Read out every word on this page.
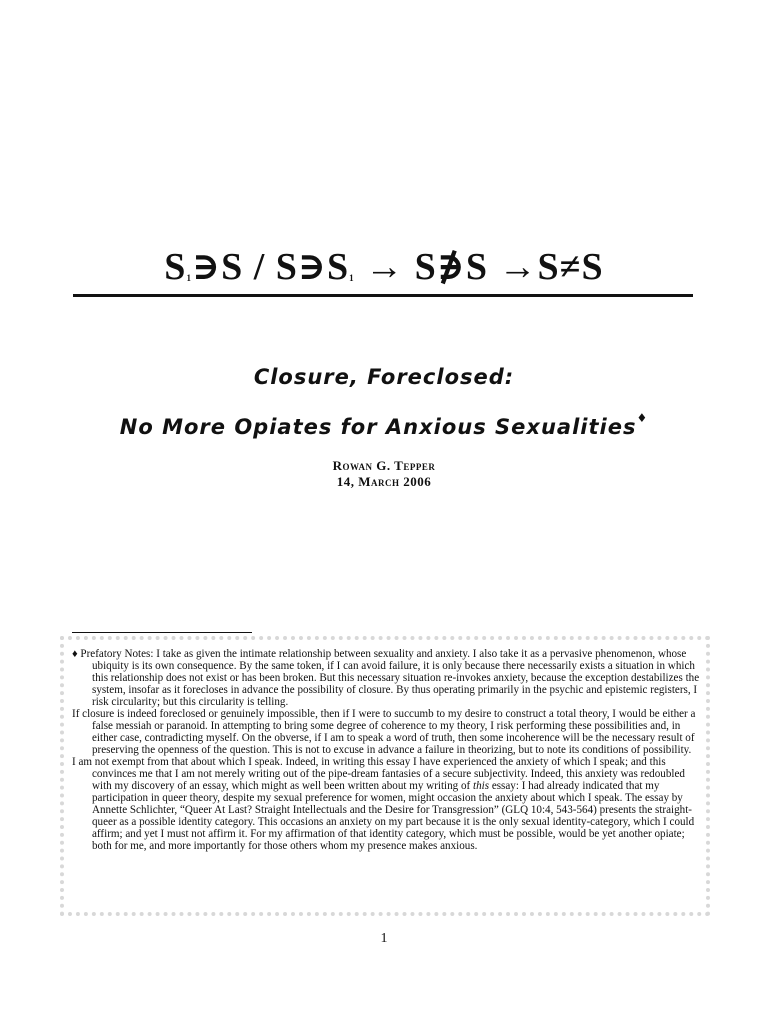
$S_1∋S$ / $S∋S_1$ → S∌S →S≠S
Closure, Foreclosed:
No More Opiates for Anxious Sexualities♦
Rowan G. Tepper
14, March 2006
♦ Prefatory Notes: I take as given the intimate relationship between sexuality and anxiety. I also take it as a pervasive phenomenon, whose ubiquity is its own consequence. By the same token, if I can avoid failure, it is only because there necessarily exists a situation in which this relationship does not exist or has been broken. But this necessary situation re-invokes anxiety, because the exception destabilizes the system, insofar as it forecloses in advance the possibility of closure. By thus operating primarily in the psychic and epistemic registers, I risk circularity; but this circularity is telling.
If closure is indeed foreclosed or genuinely impossible, then if I were to succumb to my desire to construct a total theory, I would be either a false messiah or paranoid. In attempting to bring some degree of coherence to my theory, I risk performing these possibilities and, in either case, contradicting myself. On the obverse, if I am to speak a word of truth, then some incoherence will be the necessary result of preserving the openness of the question. This is not to excuse in advance a failure in theorizing, but to note its conditions of possibility.
I am not exempt from that about which I speak. Indeed, in writing this essay I have experienced the anxiety of which I speak; and this convinces me that I am not merely writing out of the pipe-dream fantasies of a secure subjectivity. Indeed, this anxiety was redoubled with my discovery of an essay, which might as well been written about my writing of this essay: I had already indicated that my participation in queer theory, despite my sexual preference for women, might occasion the anxiety about which I speak. The essay by Annette Schlichter, “Queer At Last? Straight Intellectuals and the Desire for Transgression” (GLQ 10:4, 543-564) presents the straight-queer as a possible identity category. This occasions an anxiety on my part because it is the only sexual identity-category, which I could affirm; and yet I must not affirm it. For my affirmation of that identity category, which must be possible, would be yet another opiate; both for me, and more importantly for those others whom my presence makes anxious.
1
